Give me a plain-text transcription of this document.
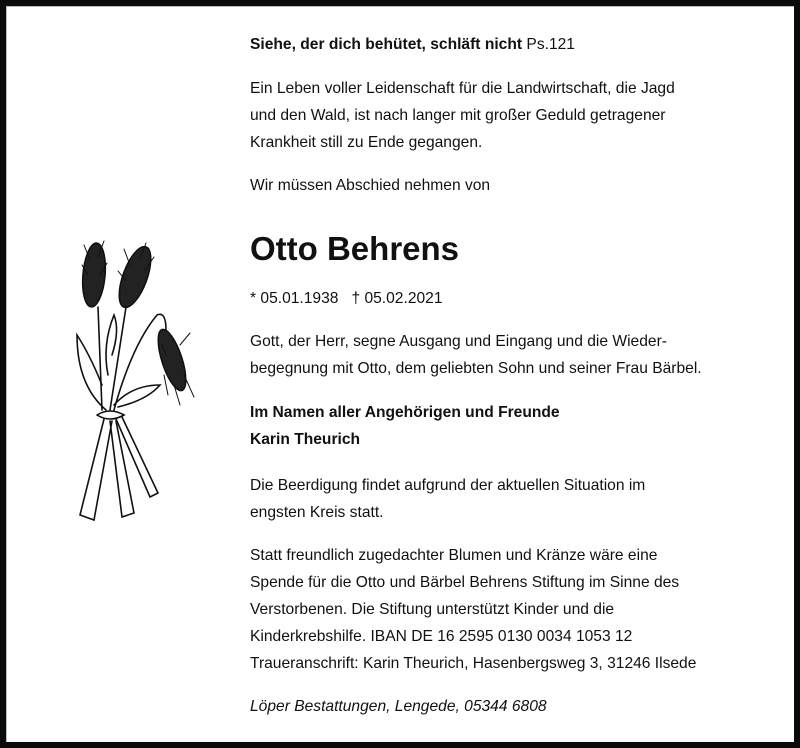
Siehe, der dich behütet, schläft nicht Ps.121
Ein Leben voller Leidenschaft für die Landwirtschaft, die Jagd
und den Wald, ist nach langer mit großer Geduld getragener
Krankheit still zu Ende gegangen.
Wir müssen Abschied nehmen von
Otto Behrens
* 05.01.1938 † 05.02.2021
Gott, der Herr, segne Ausgang und Eingang und die Wieder-
begegnung mit Otto, dem geliebten Sohn und seiner Frau Bärbel.
Im Namen aller Angehörigen und Freunde
Karin Theurich
Die Beerdigung findet aufgrund der aktuellen Situation im
engsten Kreis statt.
Statt freundlich zugedachter Blumen und Kränze wäre eine
Spende für die Otto und Bärbel Behrens Stiftung im Sinne des
Verstorbenen. Die Stiftung unterstützt Kinder und die
Kinderkrebshilfe. IBAN DE 16 2595 0130 0034 1053 12
Traueranschrift: Karin Theurich, Hasenbergsweg 3, 31246 Ilsede
Löper Bestattungen, Lengede, 05344 6808
